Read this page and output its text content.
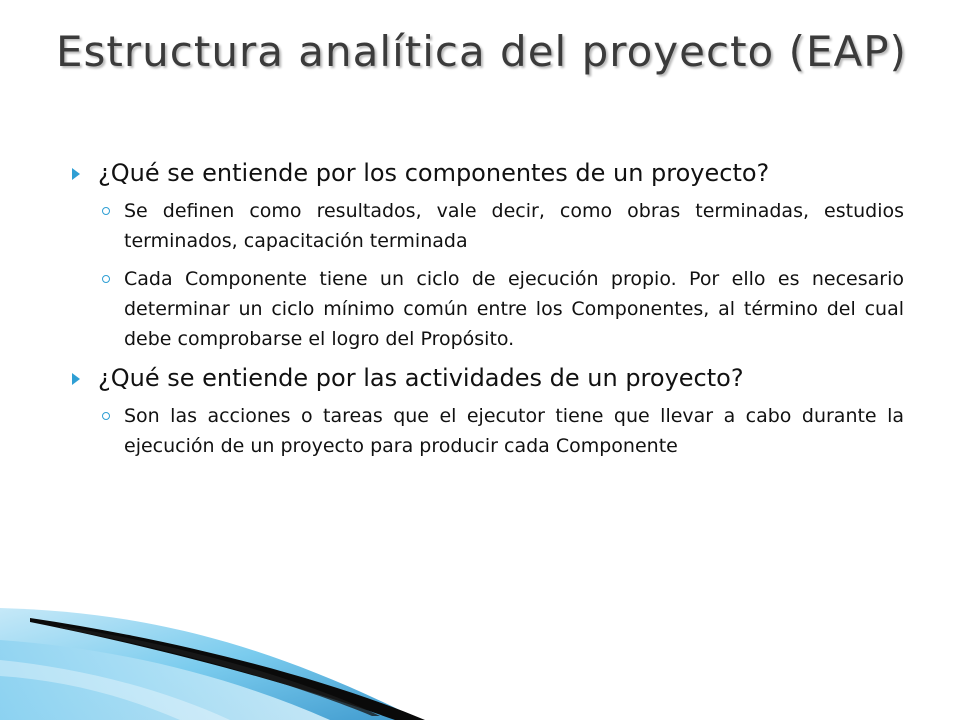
Estructura analítica del proyecto (EAP)
¿Qué se entiende por los componentes de un proyecto?
Se definen como resultados, vale decir, como obras terminadas, estudios terminados, capacitación terminada
Cada Componente tiene un ciclo de ejecución propio. Por ello es necesario determinar un ciclo mínimo común entre los Componentes, al término del cual debe comprobarse el logro del Propósito.
¿Qué se entiende por las actividades de un proyecto?
Son las acciones o tareas que el ejecutor tiene que llevar a cabo durante la ejecución de un proyecto para producir cada Componente
